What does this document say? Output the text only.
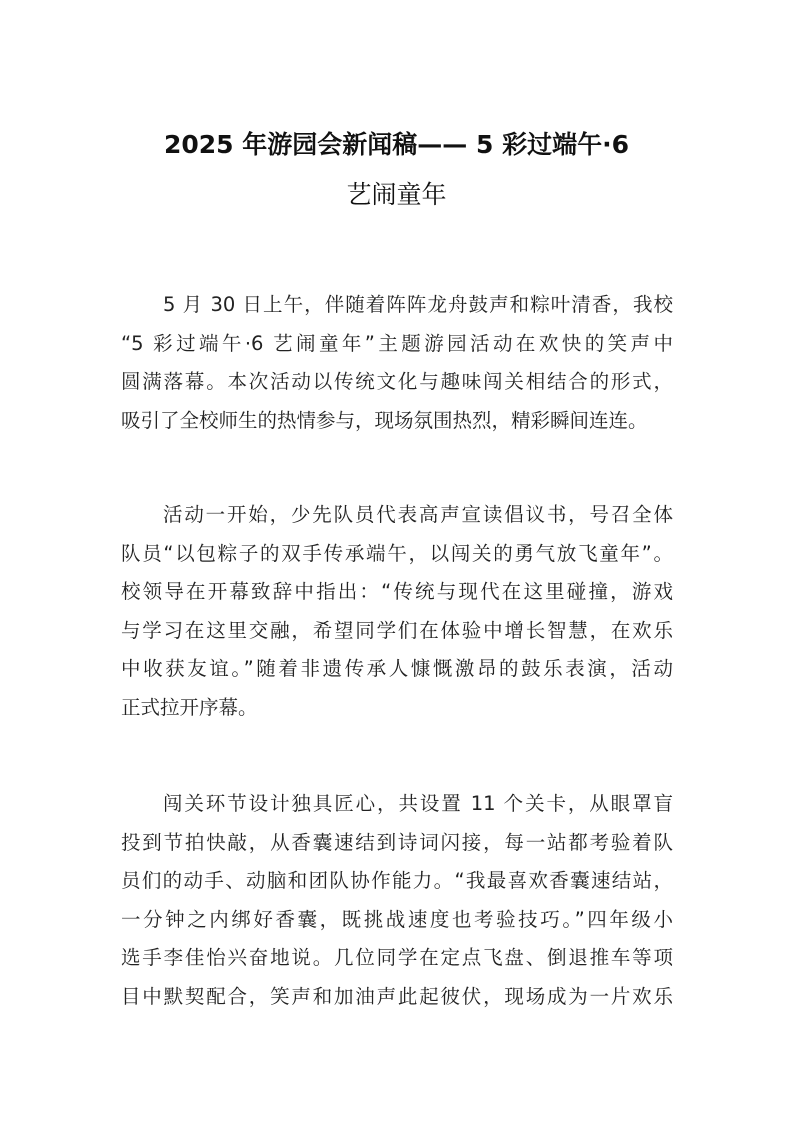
2025 年游园会新闻稿—— 5 彩过端午·6
艺闹童年
5 月 30 日上午，伴随着阵阵龙舟鼓声和粽叶清香，我校
“5 彩过端午·6 艺闹童年”主题游园活动在欢快的笑声中
圆满落幕。本次活动以传统文化与趣味闯关相结合的形式，
吸引了全校师生的热情参与，现场氛围热烈，精彩瞬间连连。
活动一开始，少先队员代表高声宣读倡议书，号召全体
队员“以包粽子的双手传承端午，以闯关的勇气放飞童年”。
校领导在开幕致辞中指出：“传统与现代在这里碰撞，游戏
与学习在这里交融，希望同学们在体验中增长智慧，在欢乐
中收获友谊。”随着非遗传承人慷慨激昂的鼓乐表演，活动
正式拉开序幕。
闯关环节设计独具匠心，共设置 11 个关卡，从眼罩盲
投到节拍快敲，从香囊速结到诗词闪接，每一站都考验着队
员们的动手、动脑和团队协作能力。“我最喜欢香囊速结站，
一分钟之内绑好香囊，既挑战速度也考验技巧。”四年级小
选手李佳怡兴奋地说。几位同学在定点飞盘、倒退推车等项
目中默契配合，笑声和加油声此起彼伏，现场成为一片欢乐
